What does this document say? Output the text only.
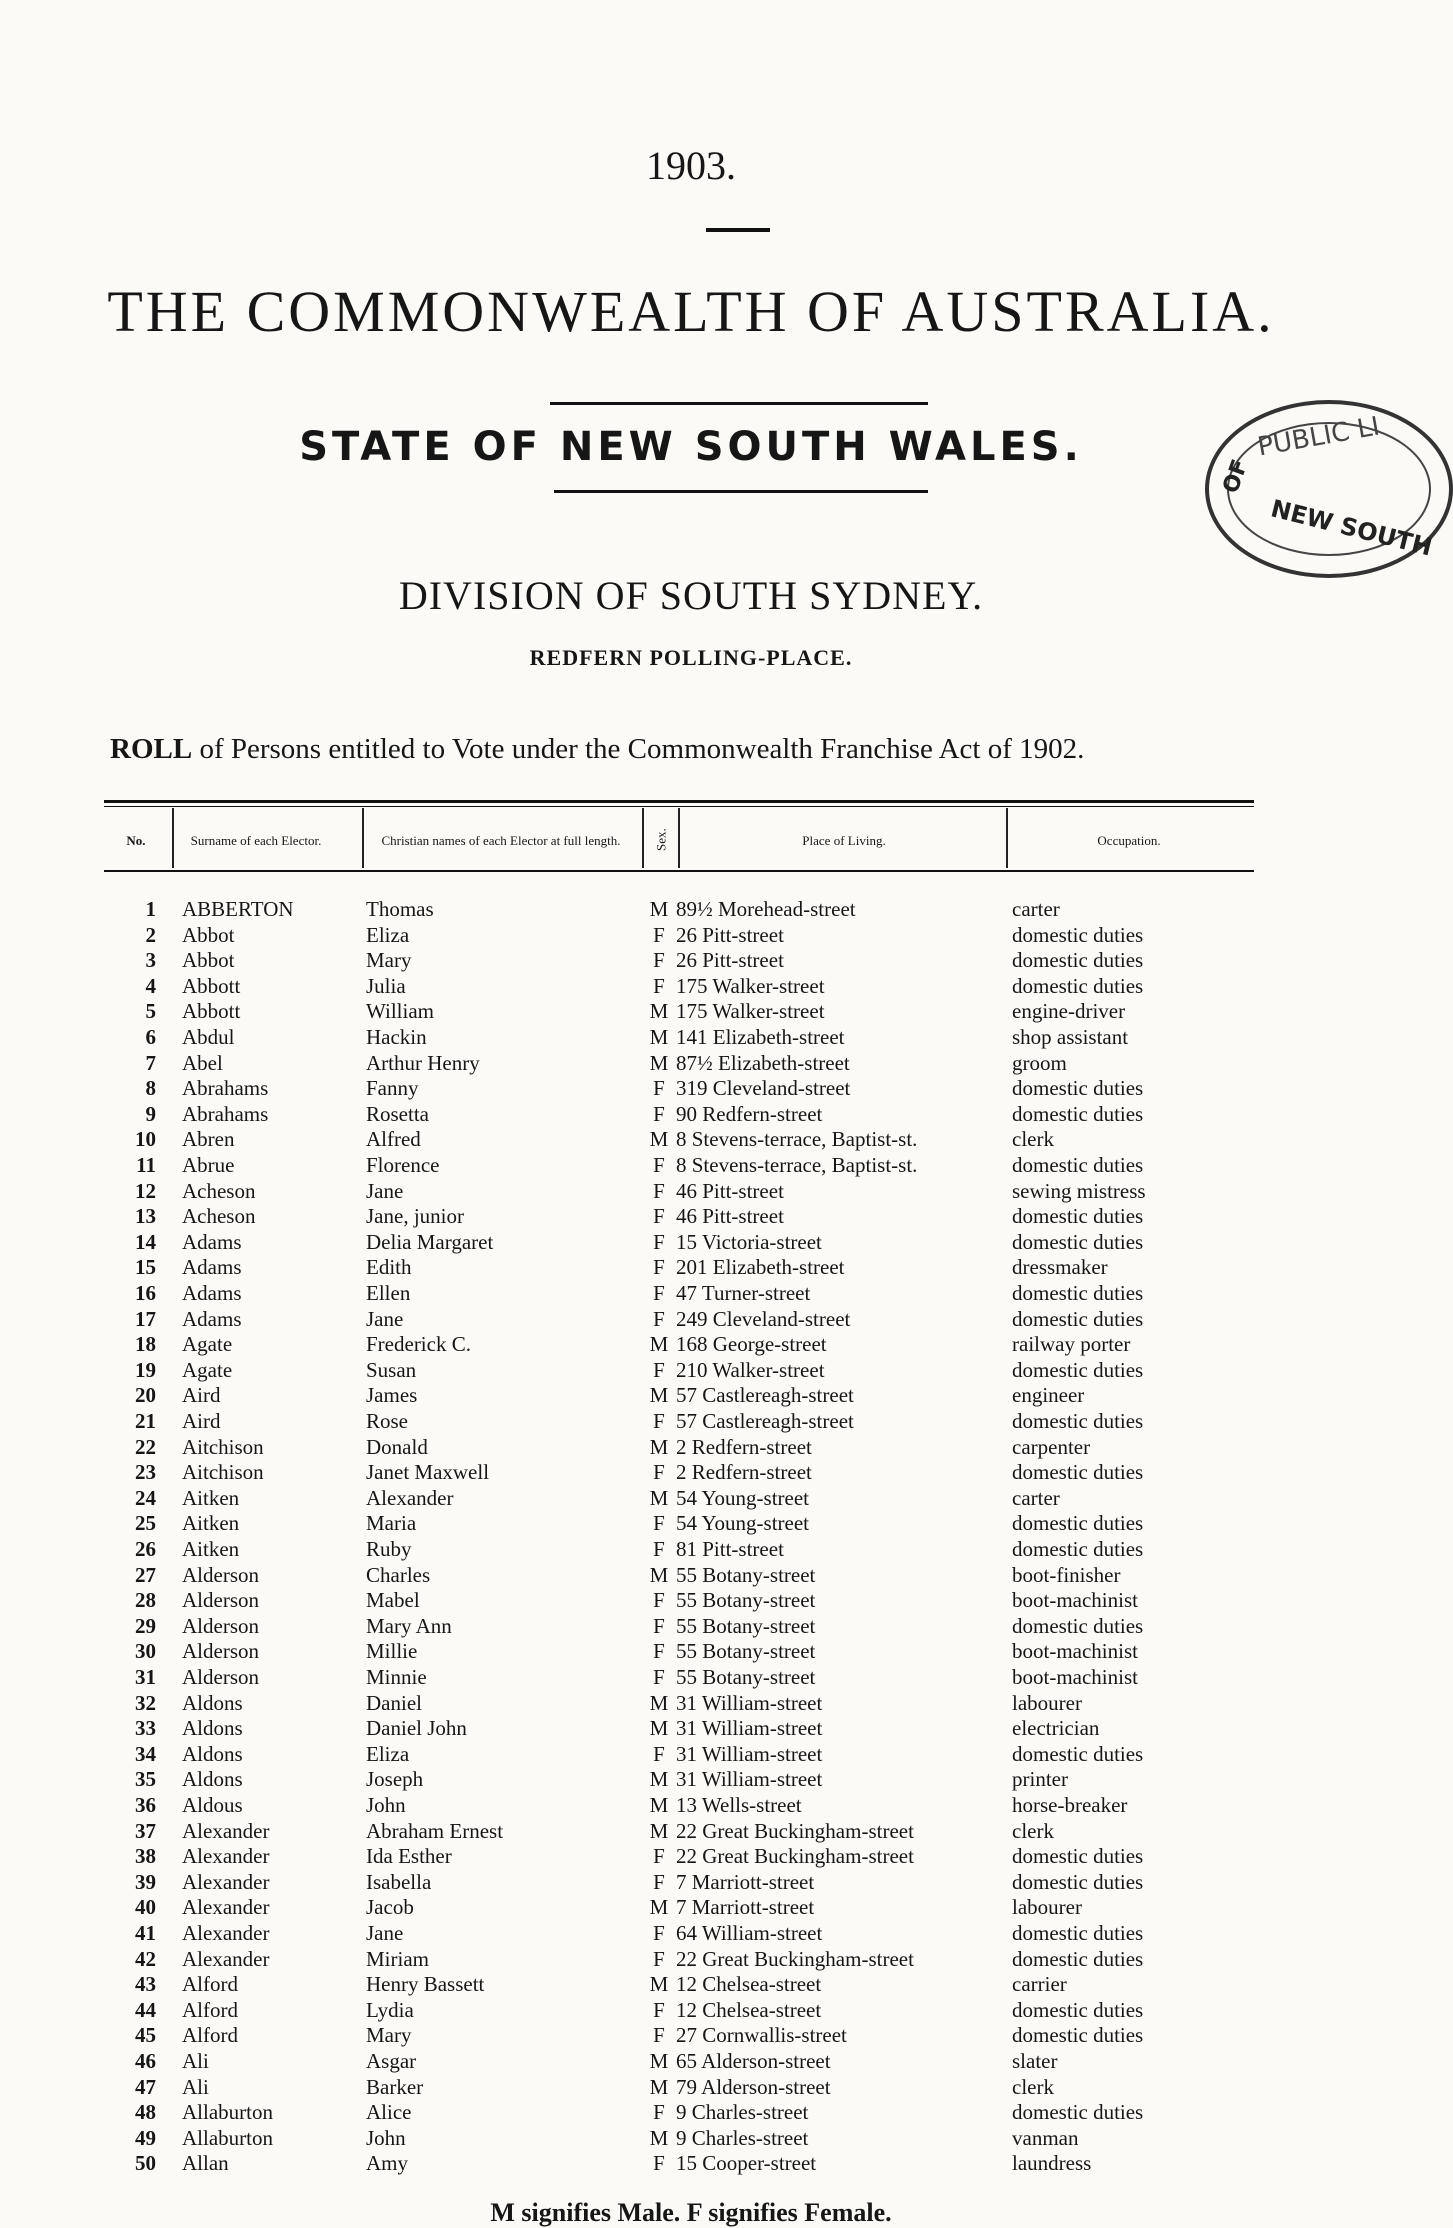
1903.
THE COMMONWEALTH OF AUSTRALIA.
STATE OF NEW SOUTH WALES.	PUBLIC LI
OF
NEW SOUTH
DIVISION OF SOUTH SYDNEY.
REDFERN POLLING-PLACE.
ROLL of Persons entitled to Vote under the Commonwealth Franchise Act of 1902.
No.	Surname of each Elector.	Christian names of each Elector at full length.	Sex.	Place of Living.	Occupation.
1 ABBERTON	Thomas	M 89½ Morehead-street	carter
2 Abbot	Eliza	F 26 Pitt-street	domestic duties
3 Abbot	Mary	F 26 Pitt-street	domestic duties
4 Abbott	Julia	F 175 Walker-street	domestic duties
5 Abbott	William	M 175 Walker-street	engine-driver
6 Abdul	Hackin	M 141 Elizabeth-street	shop assistant
7 Abel	Arthur Henry	M 87½ Elizabeth-street	groom
8 Abrahams	Fanny	F 319 Cleveland-street	domestic duties
9 Abrahams	Rosetta	F 90 Redfern-street	domestic duties
10 Abren	Alfred	M 8 Stevens-terrace, Baptist-st.	clerk
11 Abrue	Florence	F 8 Stevens-terrace, Baptist-st.	domestic duties
12 Acheson	Jane	F 46 Pitt-street	sewing mistress
13 Acheson	Jane, junior	F 46 Pitt-street	domestic duties
14 Adams	Delia Margaret	F 15 Victoria-street	domestic duties
15 Adams	Edith	F 201 Elizabeth-street	dressmaker
16 Adams	Ellen	F 47 Turner-street	domestic duties
17 Adams	Jane	F 249 Cleveland-street	domestic duties
18 Agate	Frederick C.	M 168 George-street	railway porter
19 Agate	Susan	F 210 Walker-street	domestic duties
20 Aird	James	M 57 Castlereagh-street	engineer
21 Aird	Rose	F 57 Castlereagh-street	domestic duties
22 Aitchison	Donald	M 2 Redfern-street	carpenter
23 Aitchison	Janet Maxwell	F 2 Redfern-street	domestic duties
24 Aitken	Alexander	M 54 Young-street	carter
25 Aitken	Maria	F 54 Young-street	domestic duties
26 Aitken	Ruby	F 81 Pitt-street	domestic duties
27 Alderson	Charles	M 55 Botany-street	boot-finisher
28 Alderson	Mabel	F 55 Botany-street	boot-machinist
29 Alderson	Mary Ann	F 55 Botany-street	domestic duties
30 Alderson	Millie	F 55 Botany-street	boot-machinist
31 Alderson	Minnie	F 55 Botany-street	boot-machinist
32 Aldons	Daniel	M 31 William-street	labourer
33 Aldons	Daniel John	M 31 William-street	electrician
34 Aldons	Eliza	F 31 William-street	domestic duties
35 Aldons	Joseph	M 31 William-street	printer
36 Aldous	John	M 13 Wells-street	horse-breaker
37 Alexander	Abraham Ernest	M 22 Great Buckingham-street	clerk
38 Alexander	Ida Esther	F 22 Great Buckingham-street	domestic duties
39 Alexander	Isabella	F 7 Marriott-street	domestic duties
40 Alexander	Jacob	M 7 Marriott-street	labourer
41 Alexander	Jane	F 64 William-street	domestic duties
42 Alexander	Miriam	F 22 Great Buckingham-street	domestic duties
43 Alford	Henry Bassett	M 12 Chelsea-street	carrier
44 Alford	Lydia	F 12 Chelsea-street	domestic duties
45 Alford	Mary	F 27 Cornwallis-street	domestic duties
46 Ali	Asgar	M 65 Alderson-street	slater
47 Ali	Barker	M 79 Alderson-street	clerk
48 Allaburton	Alice	F 9 Charles-street	domestic duties
49 Allaburton	John	M 9 Charles-street	vanman
50 Allan	Amy	F 15 Cooper-street	laundress
M signifies Male. F signifies Female.
